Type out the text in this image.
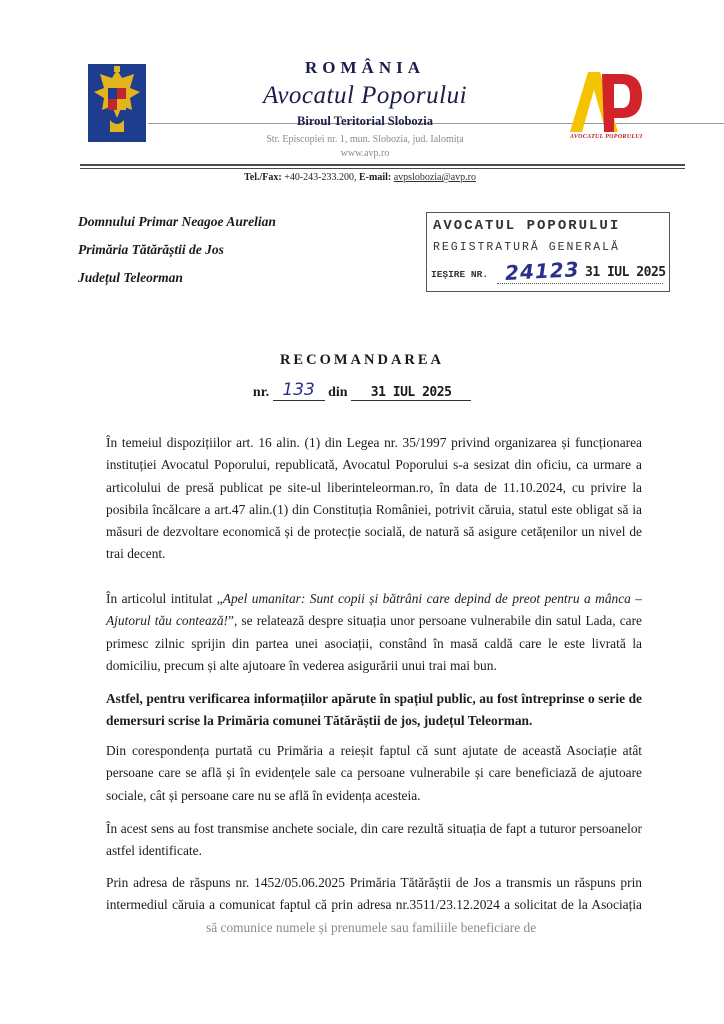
ROMÂNIA
Avocatul Poporului
Biroul Teritorial Slobozia
Str. Episcopiei nr. 1, mun. Slobozia, jud. Ialomița
www.avp.ro
AVOCATUL POPORULUI
Tel./Fax: +40-243-233.200, E-mail: avpslobozia@avp.ro
Domnului Primar Neagoe Aurelian
Primăria Tătărăștii de Jos
Județul Teleorman
AVOCATUL POPORULUI
REGISTRATURĂ GENERALĂ
IEȘIRE NR. 24123 31 IUL 2025
RECOMANDAREA
nr. 133 din 31 IUL 2025
În temeiul dispozițiilor art. 16 alin. (1) din Legea nr. 35/1997 privind organizarea și funcționarea instituției Avocatul Poporului, republicată, Avocatul Poporului s-a sesizat din oficiu, ca urmare a articolului de presă publicat pe site-ul liberinteleorman.ro, în data de 11.10.2024, cu privire la posibila încălcare a art.47 alin.(1) din Constituția României, potrivit căruia, statul este obligat să ia măsuri de dezvoltare economică și de protecție socială, de natură să asigure cetățenilor un nivel de trai decent.
În articolul intitulat „Apel umanitar: Sunt copii și bătrâni care depind de preot pentru a mânca – Ajutorul tău contează!”, se relatează despre situația unor persoane vulnerabile din satul Lada, care primesc zilnic sprijin din partea unei asociații, constând în masă caldă care le este livrată la domiciliu, precum și alte ajutoare în vederea asigurării unui trai mai bun.
Astfel, pentru verificarea informațiilor apărute în spațiul public, au fost întreprinse o serie de demersuri scrise la Primăria comunei Tătărăștii de jos, județul Teleorman.
Din corespondența purtată cu Primăria a reieșit faptul că sunt ajutate de această Asociație atât persoane care se află și în evidențele sale ca persoane vulnerabile și care beneficiază de ajutoare sociale, cât și persoane care nu se află în evidența acesteia.
În acest sens au fost transmise anchete sociale, din care rezultă situația de fapt a tuturor persoanelor astfel identificate.
Prin adresa de răspuns nr. 1452/05.06.2025 Primăria Tătărăștii de Jos a transmis un răspuns prin intermediul căruia a comunicat faptul că prin adresa nr.3511/23.12.2024 a solicitat de la Asociațiasă comunice numele și prenumele sau familiile beneficiare de
